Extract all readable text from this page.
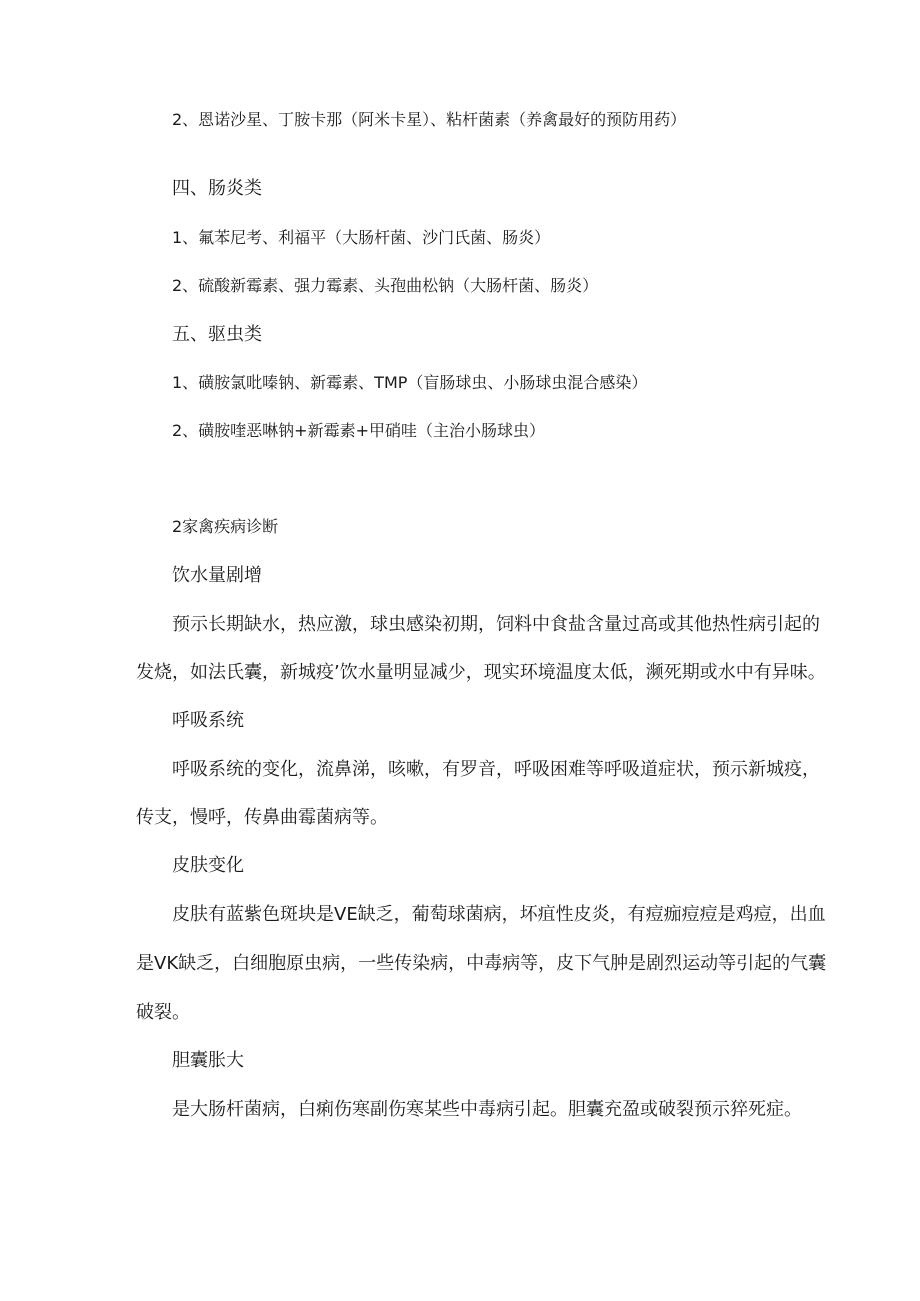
2、恩诺沙星、丁胺卡那（阿米卡星）、粘杆菌素（养禽最好的预防用药）
四、肠炎类
1、氟苯尼考、利福平（大肠杆菌、沙门氏菌、肠炎）
2、硫酸新霉素、强力霉素、头孢曲松钠（大肠杆菌、肠炎）
五、驱虫类
1、磺胺氯吡嗪钠、新霉素、TMP（盲肠球虫、小肠球虫混合感染）
2、磺胺喹恶啉钠+新霉素+甲硝哇（主治小肠球虫）
2家禽疾病诊断
饮水量剧增
预示长期缺水，热应激，球虫感染初期，饲料中食盐含量过高或其他热性病引起的
发烧，如法氏囊，新城疫’饮水量明显减少，现实环境温度太低，濒死期或水中有异味。
呼吸系统
呼吸系统的变化，流鼻涕，咳嗽，有罗音，呼吸困难等呼吸道症状，预示新城疫，
传支，慢呼，传鼻曲霉菌病等。
皮肤变化
皮肤有蓝紫色斑块是VE缺乏，葡萄球菌病，坏疽性皮炎，有痘痂痘痘是鸡痘，出血
是VK缺乏，白细胞原虫病，一些传染病，中毒病等，皮下气肿是剧烈运动等引起的气囊
破裂。
胆囊胀大
是大肠杆菌病，白痢伤寒副伤寒某些中毒病引起。胆囊充盈或破裂预示猝死症。
